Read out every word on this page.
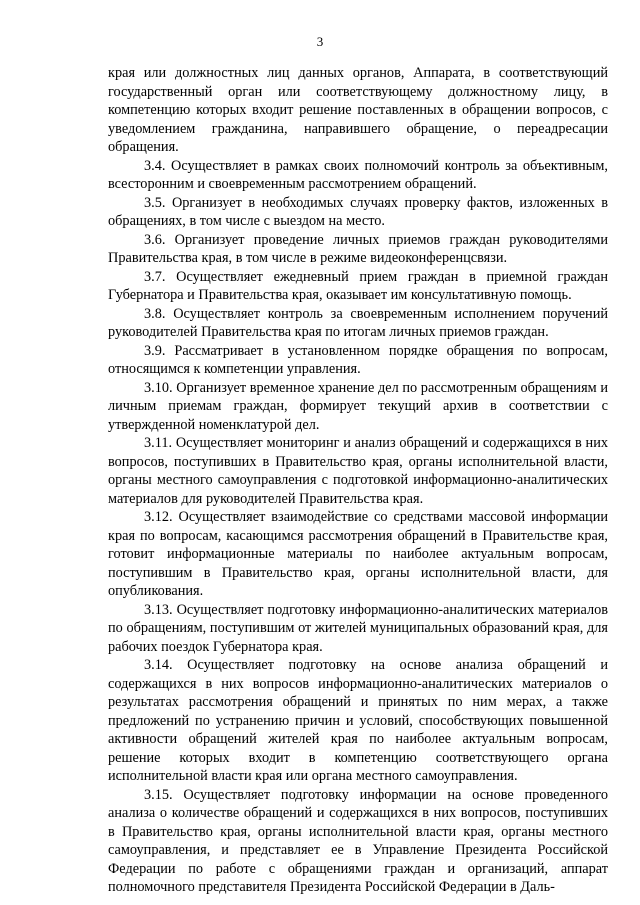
3

края или должностных лиц данных органов, Аппарата, в соответствующий государственный орган или соответствующему должностному лицу, в компетенцию которых входит решение поставленных в обращении вопросов, с уведомлением гражданина, направившего обращение, о переадресации обращения.

3.4. Осуществляет в рамках своих полномочий контроль за объективным, всесторонним и своевременным рассмотрением обращений.

3.5. Организует в необходимых случаях проверку фактов, изложенных в обращениях, в том числе с выездом на место.

3.6. Организует проведение личных приемов граждан руководителями Правительства края, в том числе в режиме видеоконференцсвязи.

3.7. Осуществляет ежедневный прием граждан в приемной граждан Губернатора и Правительства края, оказывает им консультативную помощь.

3.8. Осуществляет контроль за своевременным исполнением поручений руководителей Правительства края по итогам личных приемов граждан.

3.9. Рассматривает в установленном порядке обращения по вопросам, относящимся к компетенции управления.

3.10. Организует временное хранение дел по рассмотренным обращениям и личным приемам граждан, формирует текущий архив в соответствии с утвержденной номенклатурой дел.

3.11. Осуществляет мониторинг и анализ обращений и содержащихся в них вопросов, поступивших в Правительство края, органы исполнительной власти, органы местного самоуправления с подготовкой информационно-аналитических материалов для руководителей Правительства края.

3.12. Осуществляет взаимодействие со средствами массовой информации края по вопросам, касающимся рассмотрения обращений в Правительстве края, готовит информационные материалы по наиболее актуальным вопросам, поступившим в Правительство края, органы исполнительной власти, для опубликования.

3.13. Осуществляет подготовку информационно-аналитических материалов по обращениям, поступившим от жителей муниципальных образований края, для рабочих поездок Губернатора края.

3.14. Осуществляет подготовку на основе анализа обращений и содержащихся в них вопросов информационно-аналитических материалов о результатах рассмотрения обращений и принятых по ним мерах, а также предложений по устранению причин и условий, способствующих повышенной активности обращений жителей края по наиболее актуальным вопросам, решение которых входит в компетенцию соответствующего органа исполнительной власти края или органа местного самоуправления.

3.15. Осуществляет подготовку информации на основе проведенного анализа о количестве обращений и содержащихся в них вопросов, поступивших в Правительство края, органы исполнительной власти края, органы местного самоуправления, и представляет ее в Управление Президента Российской Федерации по работе с обращениями граждан и организаций, аппарат полномочного представителя Президента Российской Федерации в Даль-
